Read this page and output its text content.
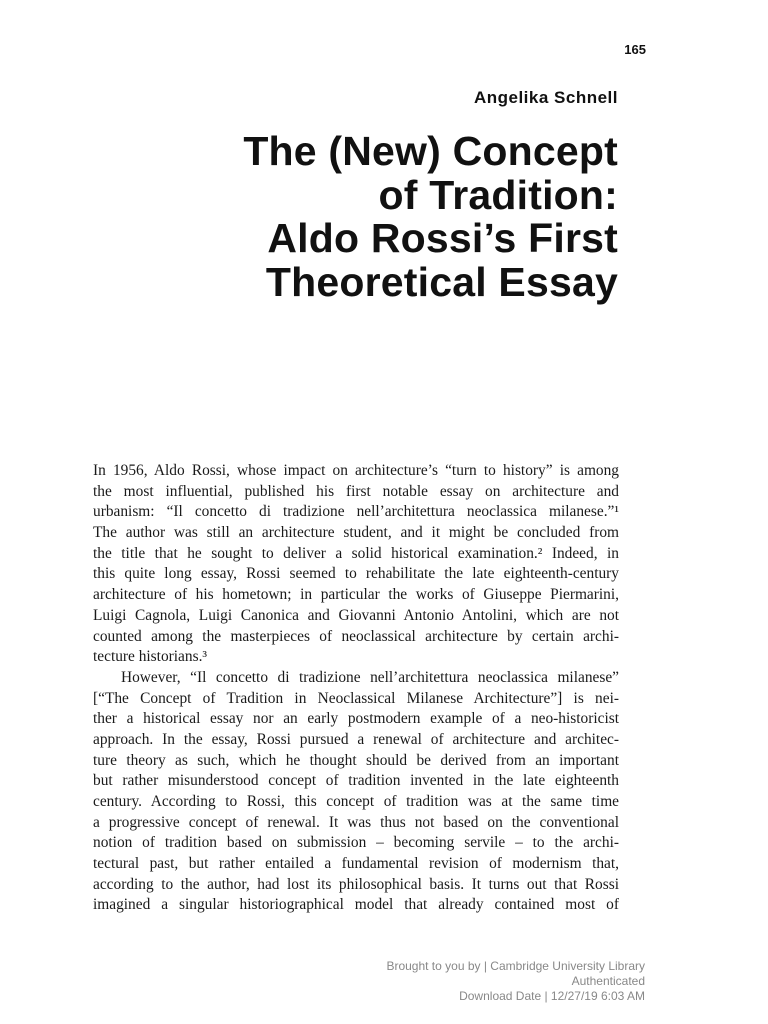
165
Angelika Schnell
The (New) Concept
of Tradition:
Aldo Rossi’s First
Theoretical Essay
In 1956, Aldo Rossi, whose impact on architecture’s “turn to history” is among
the most influential, published his first notable essay on architecture and
urbanism: “Il concetto di tradizione nell’architettura neoclassica milanese.”¹
The author was still an architecture student, and it might be concluded from
the title that he sought to deliver a solid historical examination.² Indeed, in
this quite long essay, Rossi seemed to rehabilitate the late eighteenth-century
architecture of his hometown; in particular the works of Giuseppe Piermarini,
Luigi Cagnola, Luigi Canonica and Giovanni Antonio Antolini, which are not
counted among the masterpieces of neoclassical architecture by certain archi-
tecture historians.³
However, “Il concetto di tradizione nell’architettura neoclassica milanese”
[“The Concept of Tradition in Neoclassical Milanese Architecture”] is nei-
ther a historical essay nor an early postmodern example of a neo-historicist
approach. In the essay, Rossi pursued a renewal of architecture and architec-
ture theory as such, which he thought should be derived from an important
but rather misunderstood concept of tradition invented in the late eighteenth
century. According to Rossi, this concept of tradition was at the same time
a progressive concept of renewal. It was thus not based on the conventional
notion of tradition based on submission – becoming servile – to the archi-
tectural past, but rather entailed a fundamental revision of modernism that,
according to the author, had lost its philosophical basis. It turns out that Rossi
imagined a singular historiographical model that already contained most of
Brought to you by | Cambridge University Library
Authenticated
Download Date | 12/27/19 6:03 AM
